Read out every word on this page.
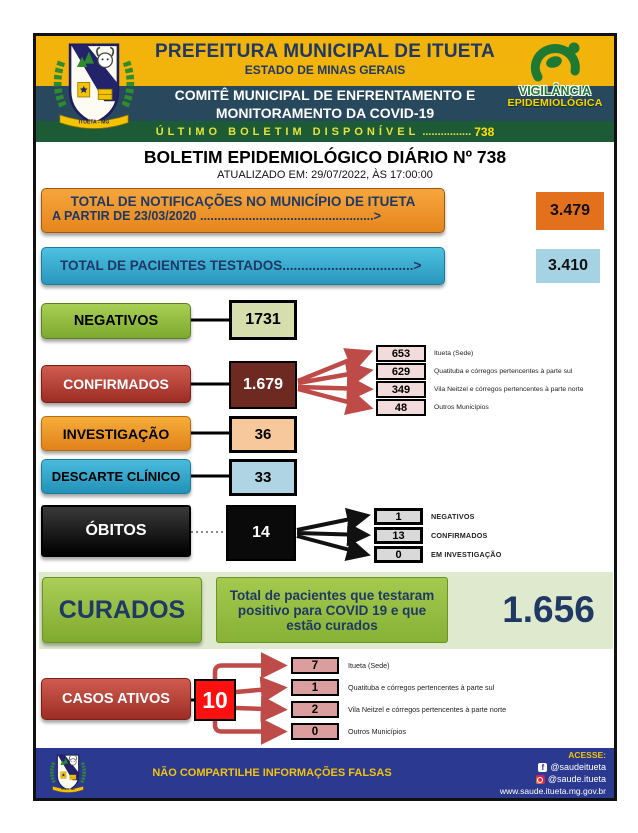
PREFEITURA MUNICIPAL DE ITUETA
ESTADO DE MINAS GERAIS
COMITÊ MUNICIPAL DE ENFRENTAMENTO E
MONITORAMENTO DA COVID-19
ÚLTIMO BOLETIM DISPONÍVEL ................ 738
VIGILÂNCIA
EPIDEMIOLÓGICA
BOLETIM EPIDEMIOLÓGICO DIÁRIO Nº 738
ATUALIZADO EM: 29/07/2022, ÀS 17:00:00
TOTAL DE NOTIFICAÇÕES NO MUNICÍPIO DE ITUETA
A PARTIR DE 23/03/2020 ..................................................>	3.479
TOTAL DE PACIENTES TESTADOS...................................>	3.410
NEGATIVOS	1731
CONFIRMADOS	1.679
653	Itueta (Sede)
629	Quatituba e córregos pertencentes à parte sul
349	Vila Neitzel e córregos pertencentes à parte norte
48	Outros Municípios
INVESTIGAÇÃO	36
DESCARTE CLÍNICO	33
ÓBITOS	14
1	NEGATIVOS
13	CONFIRMADOS
0	EM INVESTIGAÇÃO
CURADOS
Total de pacientes que testaram positivo para COVID 19 e que estão curados	1.656
CASOS ATIVOS	10
7	Itueta (Sede)
1	Quatituba e córregos pertencentes à parte sul
2	Vila Neitzel e córregos pertencentes à parte norte
0	Outros Municípios
NÃO COMPARTILHE INFORMAÇÕES FALSAS
ACESSE:
f@saudeitueta
@saude.itueta
www.saude.itueta.mg.gov.br
